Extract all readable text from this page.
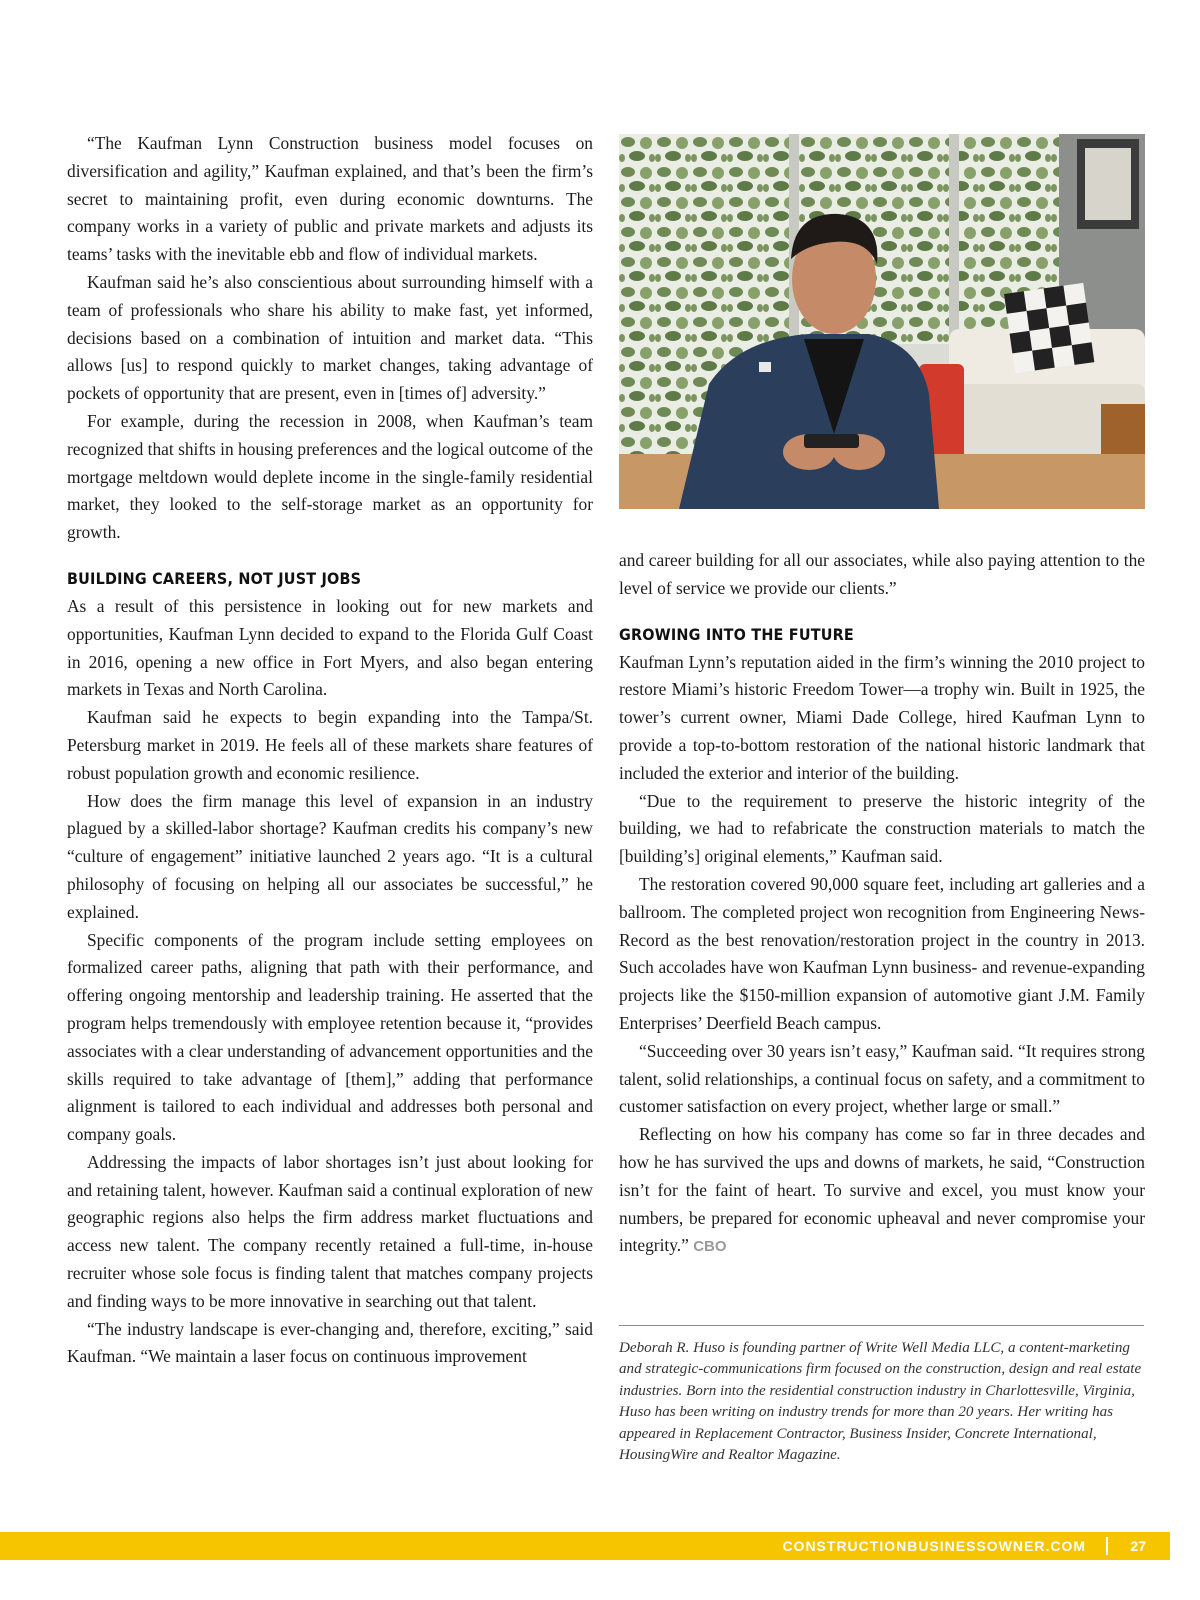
“The Kaufman Lynn Construction business model focuses on diversification and agility,” Kaufman explained, and that’s been the firm’s secret to maintaining profit, even during economic downturns. The company works in a variety of public and private markets and adjusts its teams’ tasks with the inevitable ebb and flow of individual markets.

Kaufman said he’s also conscientious about surrounding himself with a team of professionals who share his ability to make fast, yet informed, decisions based on a combination of intuition and market data. “This allows [us] to respond quickly to market changes, taking advantage of pockets of opportunity that are present, even in [times of] adversity.”

For example, during the recession in 2008, when Kaufman’s team recognized that shifts in housing preferences and the logical outcome of the mortgage meltdown would deplete income in the single-family residential market, they looked to the self-storage market as an opportunity for growth.

BUILDING CAREERS, NOT JUST JOBS

As a result of this persistence in looking out for new markets and opportunities, Kaufman Lynn decided to expand to the Florida Gulf Coast in 2016, opening a new office in Fort Myers, and also began entering markets in Texas and North Carolina.

Kaufman said he expects to begin expanding into the Tampa/St. Petersburg market in 2019. He feels all of these markets share features of robust population growth and economic resilience.

How does the firm manage this level of expansion in an industry plagued by a skilled-labor shortage? Kaufman credits his company’s new “culture of engagement” initiative launched 2 years ago. “It is a cultural philosophy of focusing on helping all our associates be successful,” he explained.

Specific components of the program include setting employees on formalized career paths, aligning that path with their performance, and offering ongoing mentorship and leadership training. He asserted that the program helps tremendously with employee retention because it, “provides associates with a clear understanding of advancement opportunities and the skills required to take advantage of [them],” adding that performance alignment is tailored to each individual and addresses both personal and company goals.

Addressing the impacts of labor shortages isn’t just about looking for and retaining talent, however. Kaufman said a continual exploration of new geographic regions also helps the firm address market fluctuations and access new talent. The company recently retained a full-time, in-house recruiter whose sole focus is finding talent that matches company projects and finding ways to be more innovative in searching out that talent.

“The industry landscape is ever-changing and, therefore, exciting,” said Kaufman. “We maintain a laser focus on continuous improvement

and career building for all our associates, while also paying attention to the level of service we provide our clients.”

GROWING INTO THE FUTURE

Kaufman Lynn’s reputation aided in the firm’s winning the 2010 project to restore Miami’s historic Freedom Tower—a trophy win. Built in 1925, the tower’s current owner, Miami Dade College, hired Kaufman Lynn to provide a top-to-bottom restoration of the national historic landmark that included the exterior and interior of the building.

“Due to the requirement to preserve the historic integrity of the building, we had to refabricate the construction materials to match the [building’s] original elements,” Kaufman said.

The restoration covered 90,000 square feet, including art galleries and a ballroom. The completed project won recognition from Engineering News-Record as the best renovation/restoration project in the country in 2013. Such accolades have won Kaufman Lynn business- and revenue-expanding projects like the $150-million expansion of automotive giant J.M. Family Enterprises’ Deerfield Beach campus.

“Succeeding over 30 years isn’t easy,” Kaufman said. “It requires strong talent, solid relationships, a continual focus on safety, and a commitment to customer satisfaction on every project, whether large or small.”

Reflecting on how his company has come so far in three decades and how he has survived the ups and downs of markets, he said, “Construction isn’t for the faint of heart. To survive and excel, you must know your numbers, be prepared for economic upheaval and never compromise your integrity.” CBO

Deborah R. Huso is founding partner of Write Well Media LLC, a content-marketing and strategic-communications firm focused on the construction, design and real estate industries. Born into the residential construction industry in Charlottesville, Virginia, Huso has been writing on industry trends for more than 20 years. Her writing has appeared in Replacement Contractor, Business Insider, Concrete International, HousingWire and Realtor Magazine.

CONSTRUCTIONBUSINESSOWNER.COM	27
